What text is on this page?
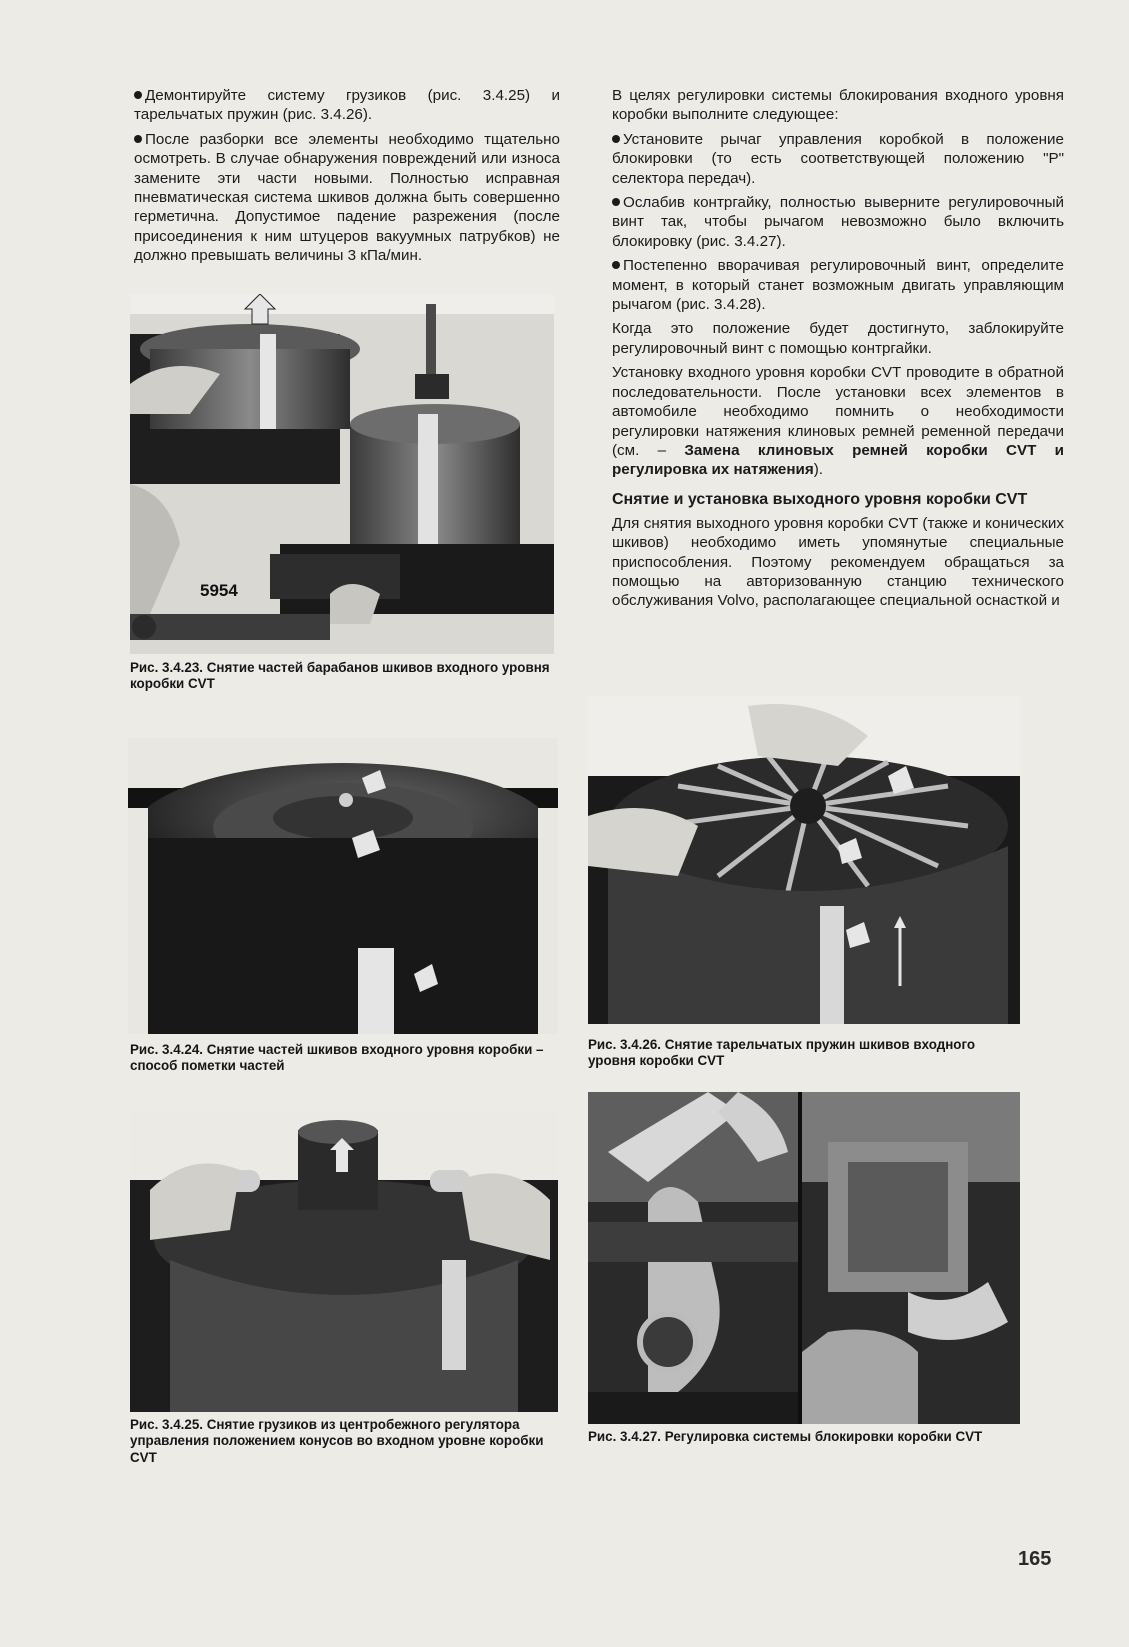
Демонтируйте систему грузиков (рис. 3.4.25) и тарельчатых пружин (рис. 3.4.26).

После разборки все элементы необходимо тщательно осмотреть. В случае обнаружения повреждений или износа замените эти части новыми. Полностью исправная пневматическая система шкивов должна быть совершенно герметична. Допустимое падение разрежения (после присоединения к ним штуцеров вакуумных патрубков) не должно превышать величины 3 кПа/мин.

В целях регулировки системы блокирования входного уровня коробки выполните следующее:

Установите рычаг управления коробкой в положение блокировки (то есть соответствующей положению "Р" селектора передач).

Ослабив контргайку, полностью выверните регулировочный винт так, чтобы рычагом невозможно было включить блокировку (рис. 3.4.27).

Постепенно вворачивая регулировочный винт, определите момент, в который станет возможным двигать управляющим рычагом (рис. 3.4.28).

Когда это положение будет достигнуто, заблокируйте регулировочный винт с помощью контргайки.

Установку входного уровня коробки CVT проводите в обратной последовательности. После установки всех элементов в автомобиле необходимо помнить о необходимости регулировки натяжения клиновых ремней ременной передачи (см. – Замена клиновых ремней коробки CVT и регулировка их натяжения).

Снятие и установка выходного уровня коробки CVT

Для снятия выходного уровня коробки CVT (также и конических шкивов) необходимо иметь упомянутые специальные приспособления. Поэтому рекомендуем обращаться за помощью на авторизованную станцию технического обслуживания Volvo, располагающее специальной оснасткой и

5954
Рис. 3.4.23. Снятие частей барабанов шкивов входного уровня коробки CVT
Рис. 3.4.24. Снятие частей шкивов входного уровня коробки – способ пометки частей
Рис. 3.4.26. Снятие тарельчатых пружин шкивов входного уровня коробки CVT
Рис. 3.4.25. Снятие грузиков из центробежного регулятора управления положением конусов во входном уровне коробки CVT
Рис. 3.4.27. Регулировка системы блокировки коробки CVT
165
